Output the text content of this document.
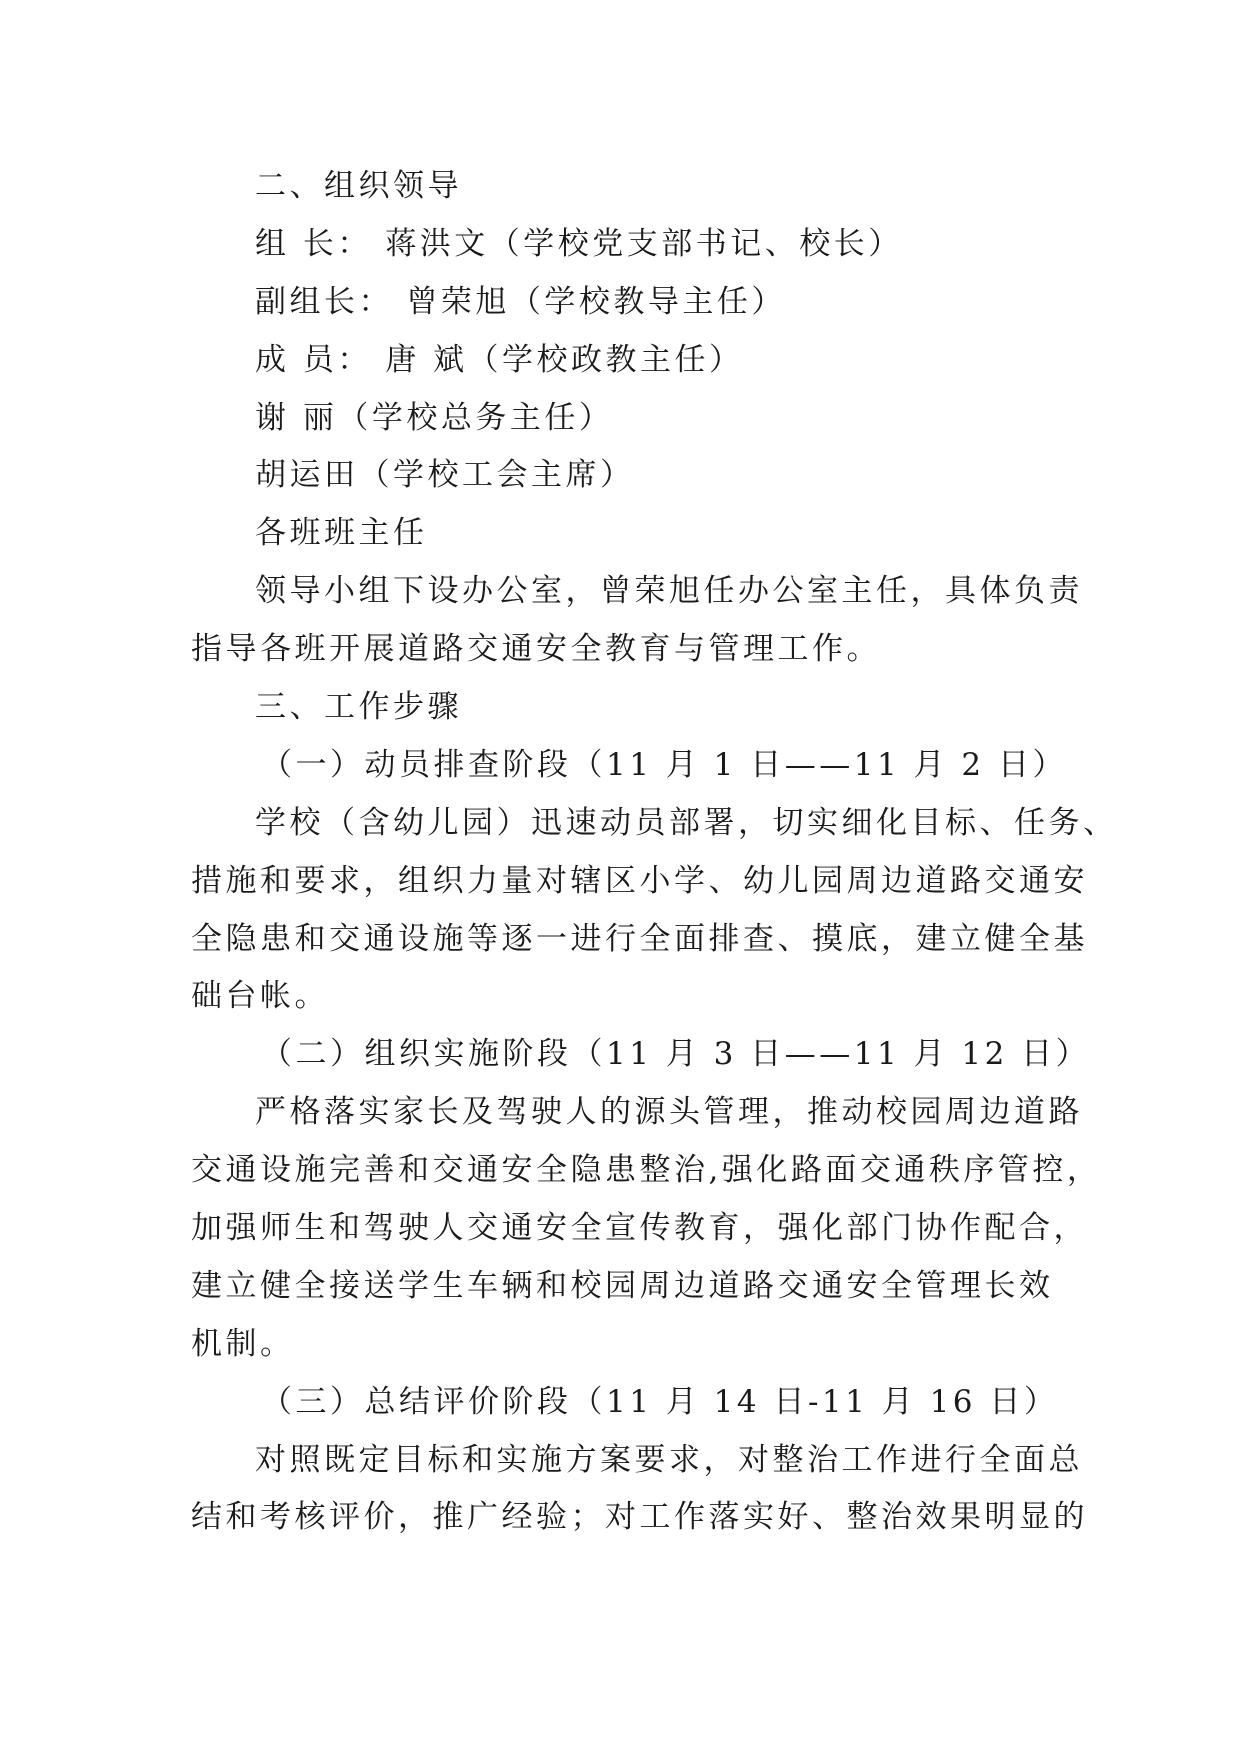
二、组织领导
组 长： 蒋洪文（学校党支部书记、校长）
副组长： 曾荣旭（学校教导主任）
成 员： 唐 斌（学校政教主任）
谢 丽（学校总务主任）
胡运田（学校工会主席）
各班班主任
领导小组下设办公室，曾荣旭任办公室主任，具体负责
指导各班开展道路交通安全教育与管理工作。
三、工作步骤
（一）动员排查阶段（11 月 1 日——11 月 2 日）
学校（含幼儿园）迅速动员部署，切实细化目标、任务、
措施和要求，组织力量对辖区小学、幼儿园周边道路交通安
全隐患和交通设施等逐一进行全面排查、摸底，建立健全基
础台帐。
（二）组织实施阶段（11 月 3 日——11 月 12 日）
严格落实家长及驾驶人的源头管理，推动校园周边道路
交通设施完善和交通安全隐患整治,强化路面交通秩序管控，
加强师生和驾驶人交通安全宣传教育，强化部门协作配合，
建立健全接送学生车辆和校园周边道路交通安全管理长效
机制。
（三）总结评价阶段（11 月 14 日-11 月 16 日）
对照既定目标和实施方案要求，对整治工作进行全面总
结和考核评价，推广经验；对工作落实好、整治效果明显的
